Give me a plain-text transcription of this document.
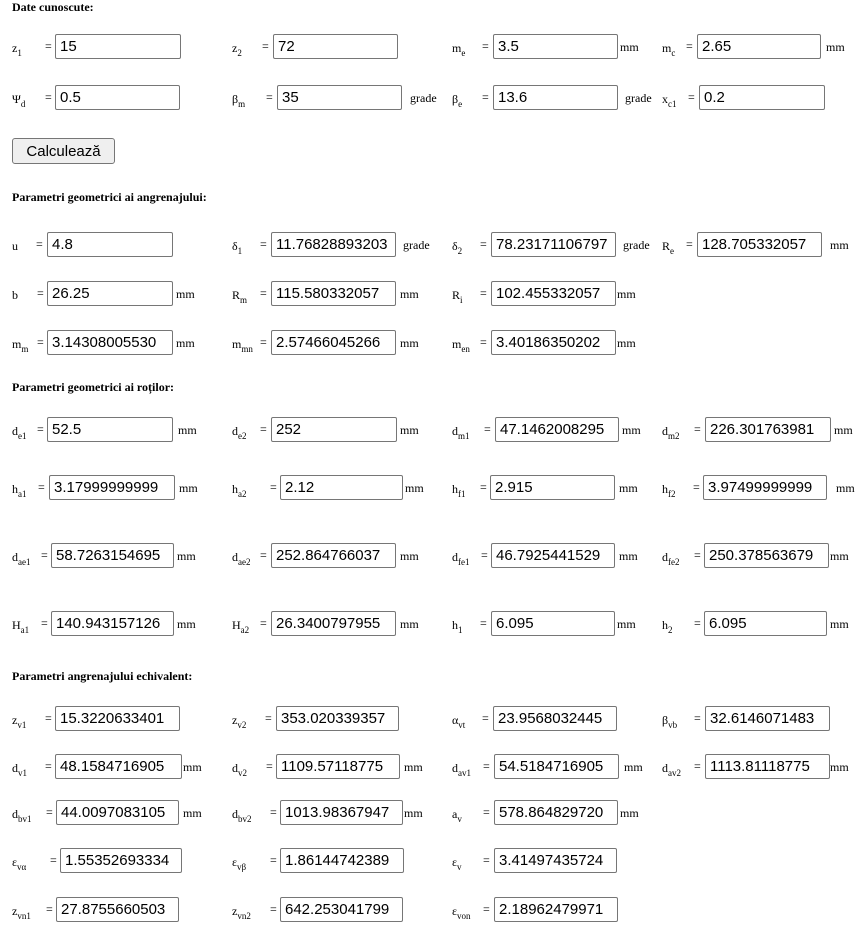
Date cunoscute:
Parametri geometrici ai angrenajului:
Parametri geometrici ai roților:
Parametri angrenajului echivalent:
Calculează
$z_1$ =
15	$z_2$ =
72	$m_e$ =
3.5	mm $m_c$ =
2.65	mm
$\Psi_d$ =
0.5	$\beta_m$ =
35	grade $\beta_e$ =
13.6	grade $x_{c1}$ =
0.2
u =
4.8	$\delta_1$ =
11.76828893203	grade $\delta_2$ =
78.23171106797	grade $R_e$ =
128.705332057	mm
b =
26.25	mm	$R_m$ =
115.580332057	mm	$R_i$ =
102.455332057	mm
$m_m$ =
3.14308005530	mm	$m_{mn}$ =
2.57466045266	mm	$m_{en}$ =
3.40186350202	mm
$d_{e1}$ =
52.5	mm	$d_{e2}$ =
252	mm	$d_{m1}$ =
47.1462008295	mm $d_{m2}$ =
226.301763981	mm
$h_{a1}$ =
3.17999999999	mm	$h_{a2}$ =
2.12	mm $h_{f1}$ =
2.915	mm $h_{f2}$ =
3.97499999999	mm
$d_{ae1}$ =
58.7263154695	mm	$d_{ae2}$ =
252.864766037	mm	$d_{fe1}$ =
46.7925441529	mm $d_{fe2}$ =
250.378563679	mm
$H_{a1}$ =
140.943157126	mm	$H_{a2}$ =
26.3400797955	mm	$h_1$ =
6.095	mm $h_2$ =
6.095	mm
$z_{v1}$ =
15.3220633401	$z_{v2}$ =
353.020339357	$\alpha_{vt}$ =
23.9568032445	$\beta_{vb}$ =
32.6146071483
$d_{v1}$ =
48.1584716905	mm	$d_{v2}$ =
1109.57118775	mm $d_{av1}$ =
54.5184716905	mm $d_{av2}$ =
1113.81118775	mm
$d_{bv1}$ =
44.0097083105	mm	$d_{bv2}$ =
1013.98367947	mm $a_v$ =
578.864829720	mm
$\varepsilon_{v\alpha}$ =
1.55352693334	$\varepsilon_{v\beta}$ =
1.86144742389	$\varepsilon_v$ =
3.41497435724
$z_{vn1}$ =
27.8755660503	$z_{vn2}$ =
642.253041799	$\varepsilon_{von}$ =
2.18962479971
